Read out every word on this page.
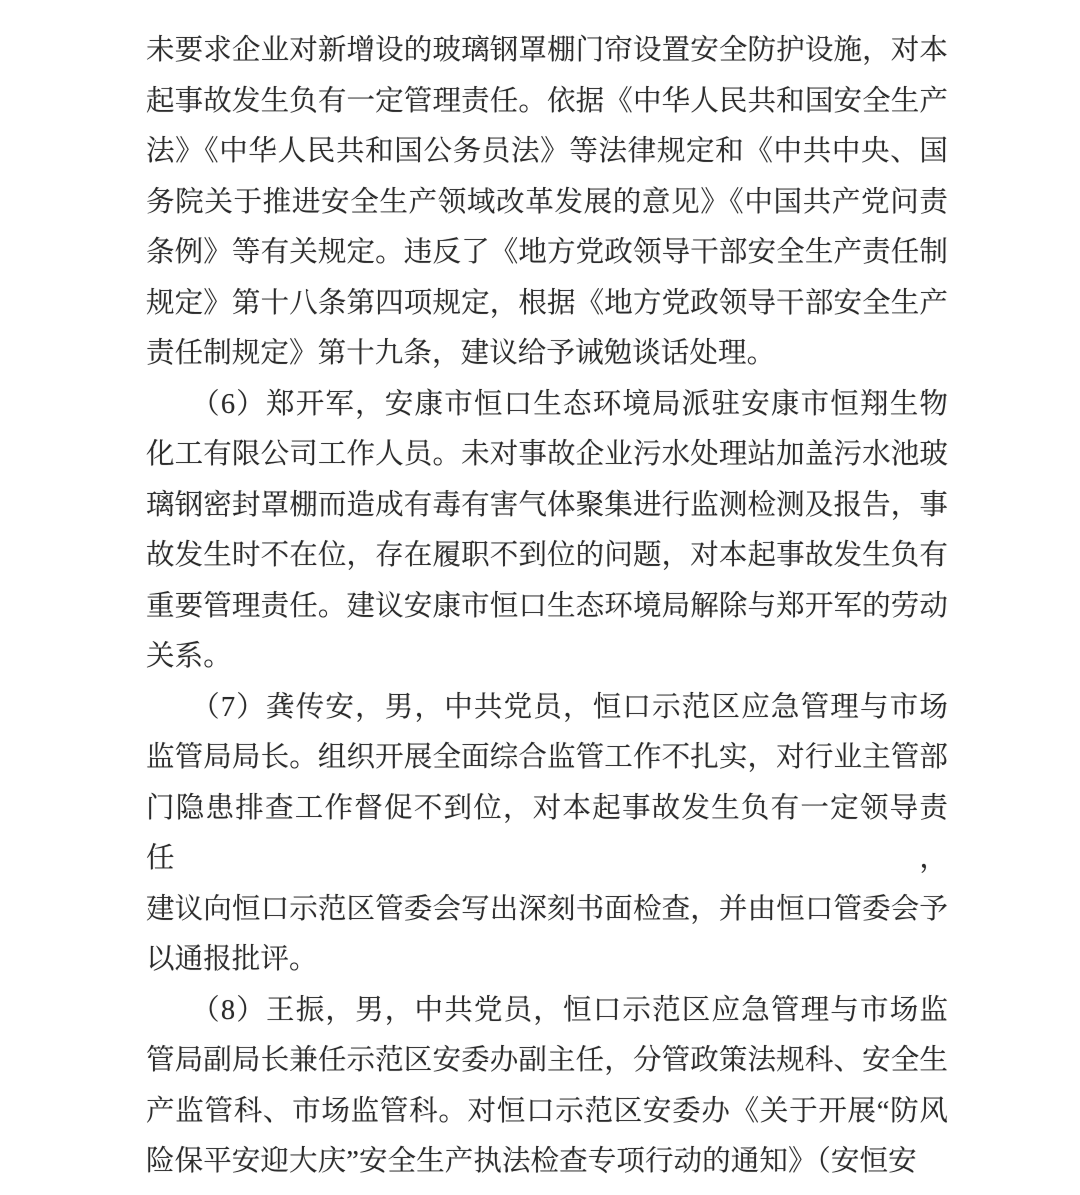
未要求企业对新增设的玻璃钢罩棚门帘设置安全防护设施，对本
起事故发生负有一定管理责任。依据《中华人民共和国安全生产
法》《中华人民共和国公务员法》等法律规定和《中共中央、国
务院关于推进安全生产领域改革发展的意见》《中国共产党问责
条例》等有关规定。违反了《地方党政领导干部安全生产责任制
规定》第十八条第四项规定，根据《地方党政领导干部安全生产
责任制规定》第十九条，建议给予诫勉谈话处理。
　　（6）郑开军，安康市恒口生态环境局派驻安康市恒翔生物
化工有限公司工作人员。未对事故企业污水处理站加盖污水池玻
璃钢密封罩棚而造成有毒有害气体聚集进行监测检测及报告，事
故发生时不在位，存在履职不到位的问题，对本起事故发生负有
重要管理责任。建议安康市恒口生态环境局解除与郑开军的劳动
关系。
　　（7）龚传安，男，中共党员，恒口示范区应急管理与市场
监管局局长。组织开展全面综合监管工作不扎实，对行业主管部
门隐患排查工作督促不到位，对本起事故发生负有一定领导责任，
建议向恒口示范区管委会写出深刻书面检查，并由恒口管委会予
以通报批评。
　　（8）王振，男，中共党员，恒口示范区应急管理与市场监
管局副局长兼任示范区安委办副主任，分管政策法规科、安全生
产监管科、市场监管科。对恒口示范区安委办《关于开展“防风
险保平安迎大庆”安全生产执法检查专项行动的通知》（安恒安
